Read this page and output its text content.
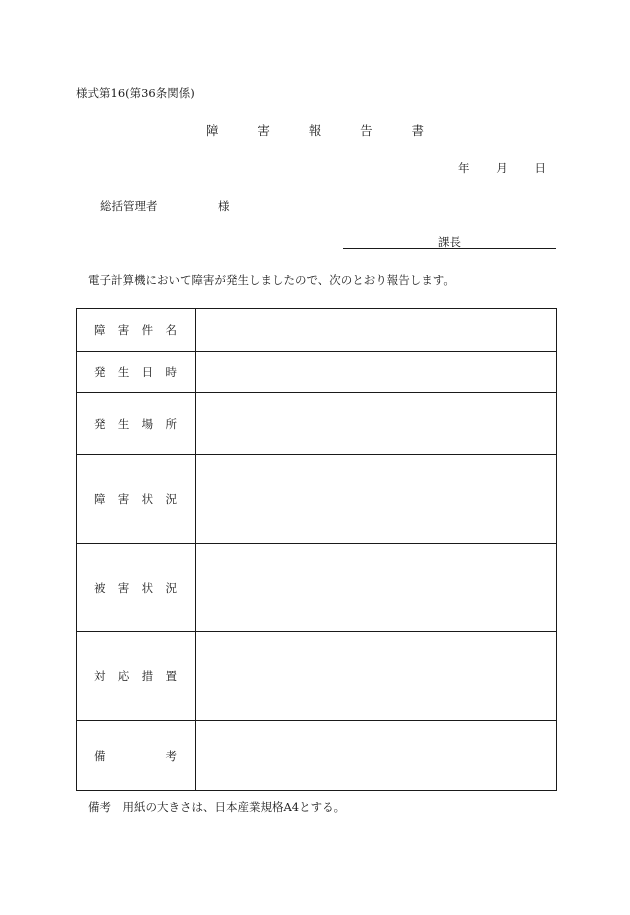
様式第16(第36条関係)
障	害	報	告	書
年 月 日
総括管理者	様
課長
電子計算機において障害が発生しましたので、次のとおり報告します。
障 害 件 名	

発 生 日 時	

発 生 場 所	

障 害 状 況	

被 害 状 況	

対 応 措 置	

備 考	

備考　用紙の大きさは、日本産業規格A4とする。
